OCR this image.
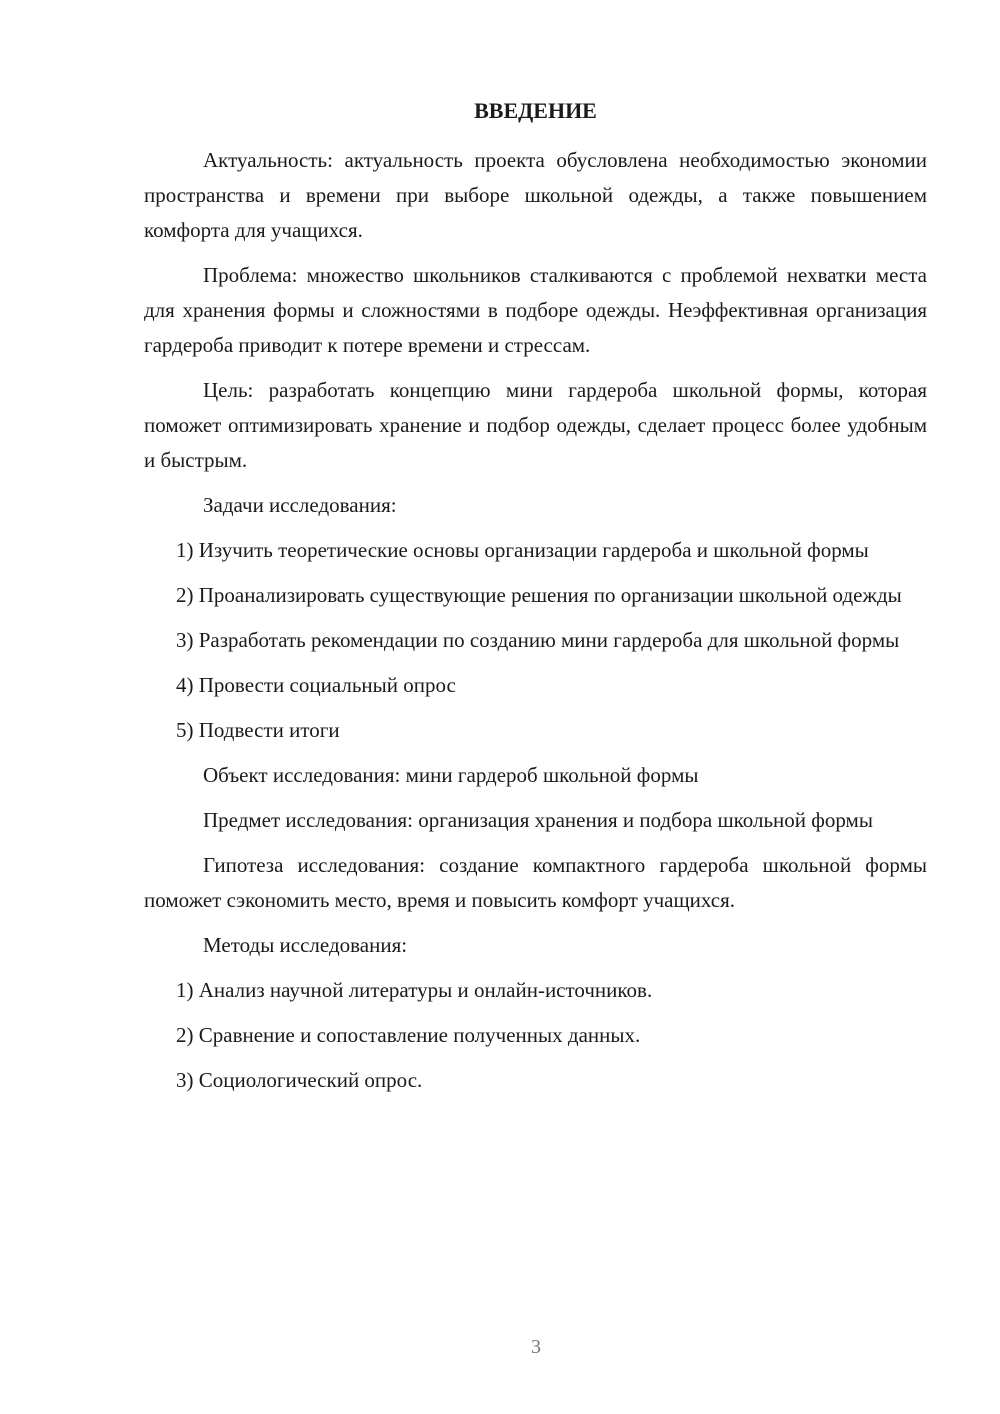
ВВЕДЕНИЕ

Актуальность: актуальность проекта обусловлена необходимостью экономии пространства и времени при выборе школьной одежды, а также повышением комфорта для учащихся.

Проблема: множество школьников сталкиваются с проблемой нехватки места для хранения формы и сложностями в подборе одежды. Неэффективная организация гардероба приводит к потере времени и стрессам.

Цель: разработать концепцию мини гардероба школьной формы, которая поможет оптимизировать хранение и подбор одежды, сделает процесс более удобным и быстрым.

Задачи исследования:

1) Изучить теоретические основы организации гардероба и школьной формы

2) Проанализировать существующие решения по организации школьной одежды

3) Разработать рекомендации по созданию мини гардероба для школьной формы

4) Провести социальный опрос

5) Подвести итоги

Объект исследования: мини гардероб школьной формы

Предмет исследования: организация хранения и подбора школьной формы

Гипотеза исследования: создание компактного гардероба школьной формы поможет сэкономить место, время и повысить комфорт учащихся.

Методы исследования:

1) Анализ научной литературы и онлайн-источников.

2) Сравнение и сопоставление полученных данных.

3) Социологический опрос.

3
